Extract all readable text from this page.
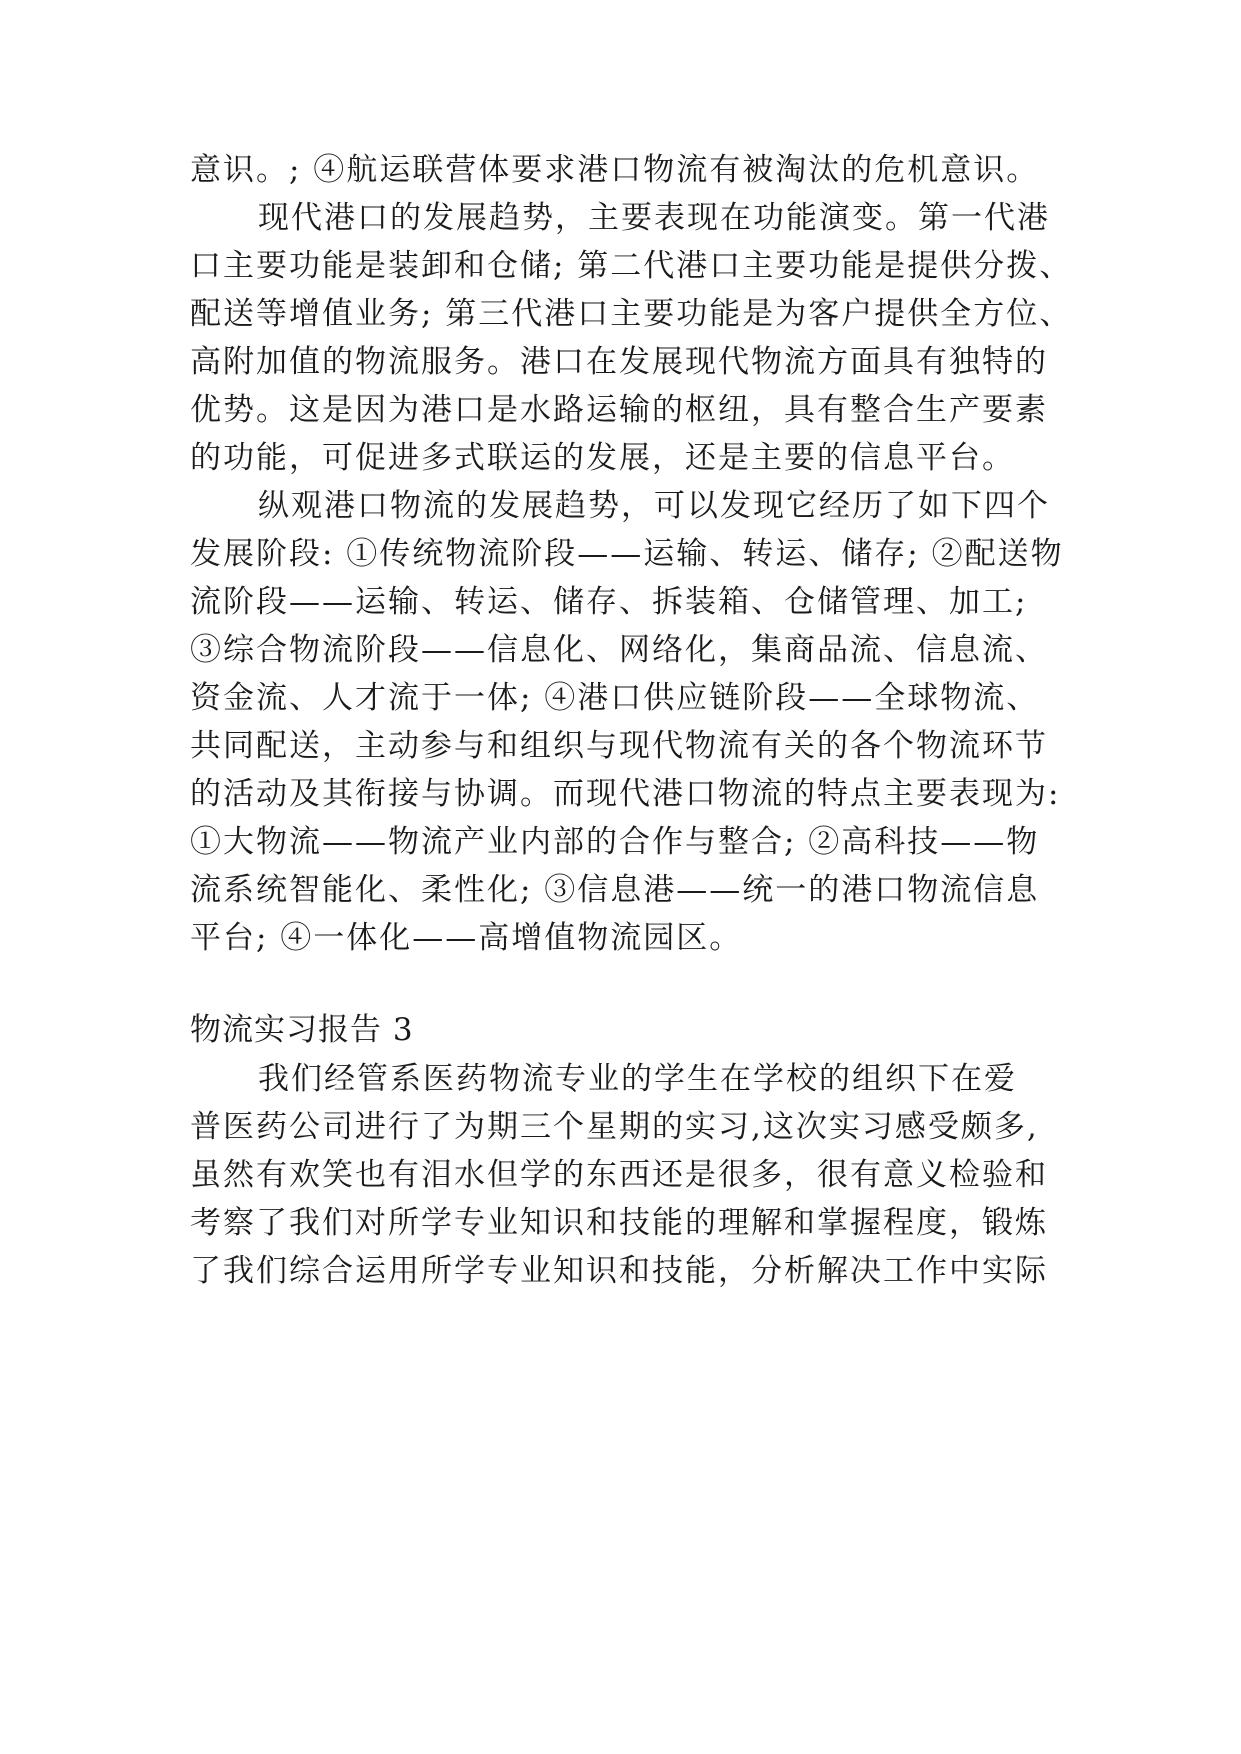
意识。; ④航运联营体要求港口物流有被淘汰的危机意识。
现代港口的发展趋势，主要表现在功能演变。第一代港
口主要功能是装卸和仓储; 第二代港口主要功能是提供分拨、
配送等增值业务; 第三代港口主要功能是为客户提供全方位、
高附加值的物流服务。港口在发展现代物流方面具有独特的
优势。这是因为港口是水路运输的枢纽，具有整合生产要素
的功能，可促进多式联运的发展，还是主要的信息平台。
纵观港口物流的发展趋势，可以发现它经历了如下四个
发展阶段: ①传统物流阶段——运输、转运、储存; ②配送物
流阶段——运输、转运、储存、拆装箱、仓储管理、加工;
③综合物流阶段——信息化、网络化，集商品流、信息流、
资金流、人才流于一体; ④港口供应链阶段——全球物流、
共同配送，主动参与和组织与现代物流有关的各个物流环节
的活动及其衔接与协调。而现代港口物流的特点主要表现为:
①大物流——物流产业内部的合作与整合; ②高科技——物
流系统智能化、柔性化; ③信息港——统一的港口物流信息
平台; ④一体化——高增值物流园区。
物流实习报告 3
我们经管系医药物流专业的学生在学校的组织下在爱
普医药公司进行了为期三个星期的实习,这次实习感受颇多,
虽然有欢笑也有泪水但学的东西还是很多，很有意义检验和
考察了我们对所学专业知识和技能的理解和掌握程度，锻炼
了我们综合运用所学专业知识和技能，分析解决工作中实际
